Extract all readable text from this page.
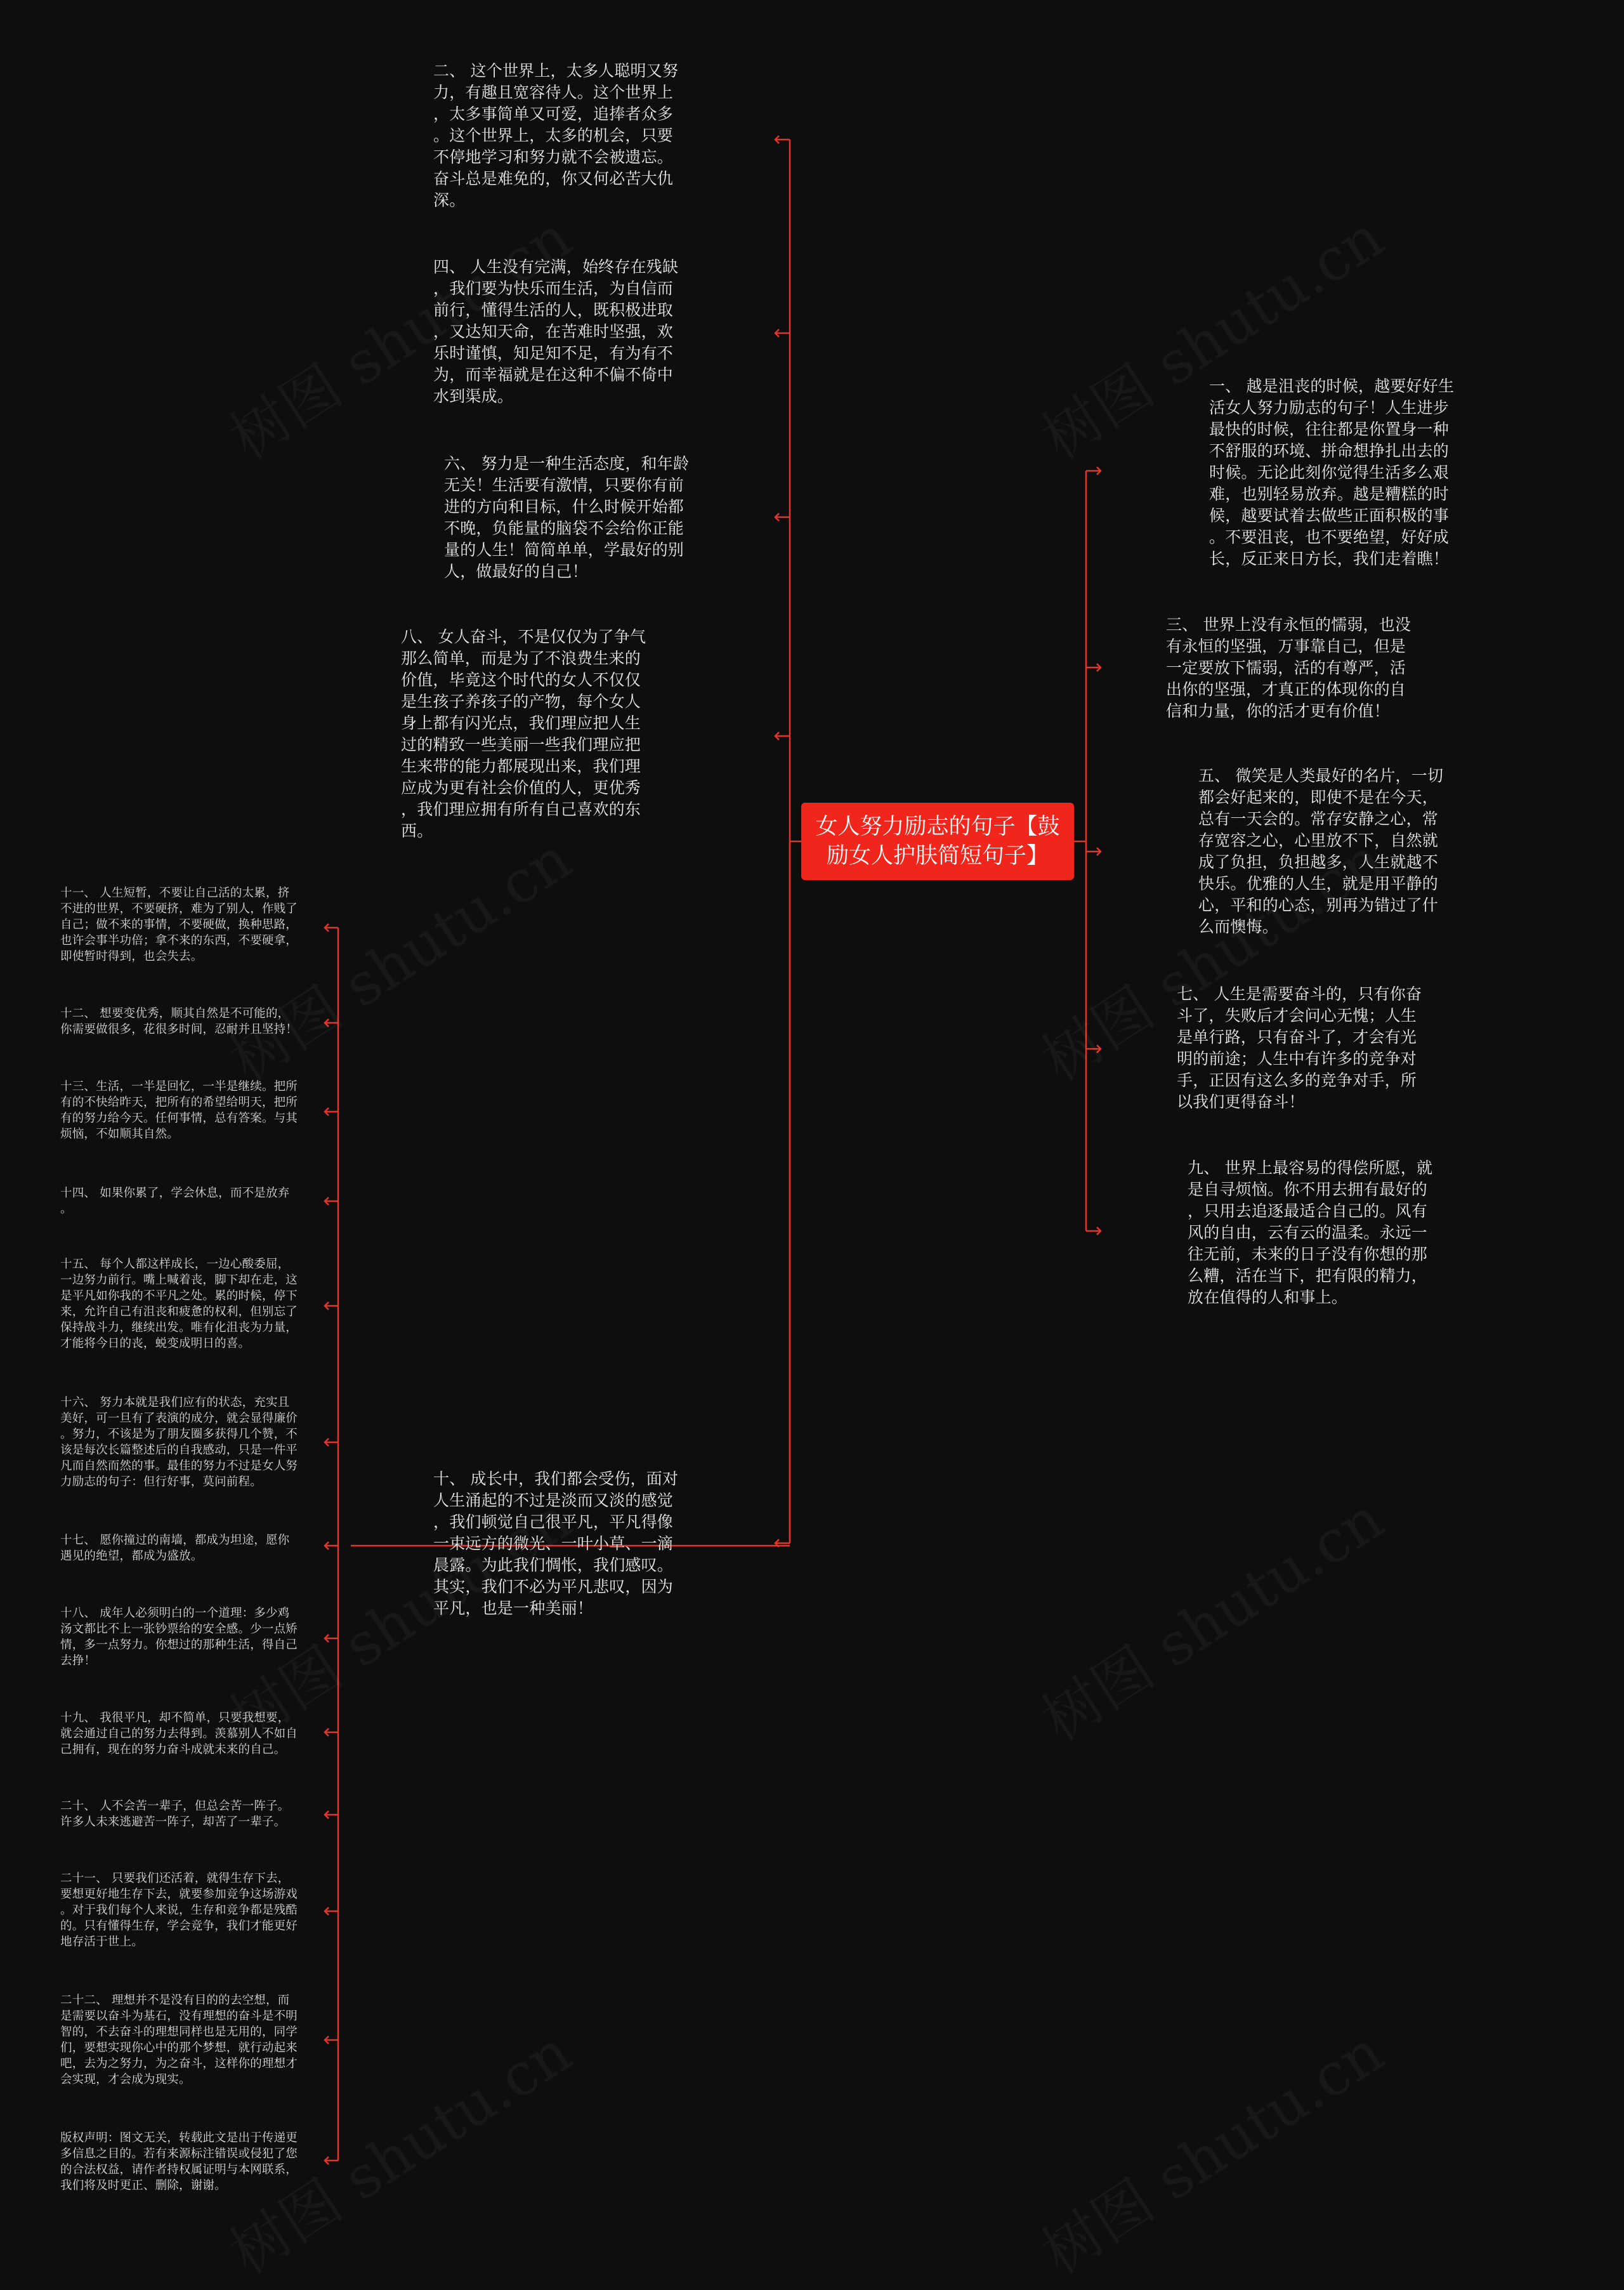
女人努力励志的句子【鼓
励女人护肤简短句子】
二、 这个世界上，太多人聪明又努
力，有趣且宽容待人。这个世界上
，太多事简单又可爱，追捧者众多
。这个世界上，太多的机会，只要
不停地学习和努力就不会被遗忘。
奋斗总是难免的，你又何必苦大仇
深。
四、 人生没有完满，始终存在残缺
，我们要为快乐而生活，为自信而
前行，懂得生活的人，既积极进取
，又达知天命，在苦难时坚强，欢
乐时谨慎，知足知不足，有为有不
为，而幸福就是在这种不偏不倚中
水到渠成。
六、 努力是一种生活态度，和年龄
无关！生活要有激情，只要你有前
进的方向和目标，什么时候开始都
不晚，负能量的脑袋不会给你正能
量的人生！简简单单，学最好的别
人，做最好的自己！
八、 女人奋斗，不是仅仅为了争气
那么简单，而是为了不浪费生来的
价值，毕竟这个时代的女人不仅仅
是生孩子养孩子的产物，每个女人
身上都有闪光点，我们理应把人生
过的精致一些美丽一些我们理应把
生来带的能力都展现出来，我们理
应成为更有社会价值的人，更优秀
，我们理应拥有所有自己喜欢的东
西。
十、 成长中，我们都会受伤，面对
人生涌起的不过是淡而又淡的感觉
，我们顿觉自己很平凡，平凡得像
一束远方的微光、一叶小草、一滴
晨露。为此我们惆怅，我们感叹。
其实，我们不必为平凡悲叹，因为
平凡，也是一种美丽！
一、 越是沮丧的时候，越要好好生
活女人努力励志的句子！人生进步
最快的时候，往往都是你置身一种
不舒服的环境、拼命想挣扎出去的
时候。无论此刻你觉得生活多么艰
难，也别轻易放弃。越是糟糕的时
候，越要试着去做些正面积极的事
。不要沮丧，也不要绝望，好好成
长，反正来日方长，我们走着瞧！
三、 世界上没有永恒的懦弱，也没
有永恒的坚强，万事靠自己，但是
一定要放下懦弱，活的有尊严，活
出你的坚强，才真正的体现你的自
信和力量，你的活才更有价值！
五、 微笑是人类最好的名片，一切
都会好起来的，即使不是在今天，
总有一天会的。常存安静之心，常
存宽容之心，心里放不下，自然就
成了负担，负担越多，人生就越不
快乐。优雅的人生，就是用平静的
心，平和的心态，别再为错过了什
么而懊悔。
七、 人生是需要奋斗的，只有你奋
斗了，失败后才会问心无愧；人生
是单行路，只有奋斗了，才会有光
明的前途；人生中有许多的竞争对
手，正因有这么多的竞争对手，所
以我们更得奋斗！
九、 世界上最容易的得偿所愿，就
是自寻烦恼。你不用去拥有最好的
，只用去追逐最适合自己的。风有
风的自由，云有云的温柔。永远一
往无前，未来的日子没有你想的那
么糟，活在当下，把有限的精力，
放在值得的人和事上。
十一、 人生短暂，不要让自己活的太累，挤
不进的世界，不要硬挤，难为了别人，作贱了
自己；做不来的事情，不要硬做，换种思路，
也许会事半功倍；拿不来的东西，不要硬拿，
即使暂时得到，也会失去。
十二、 想要变优秀，顺其自然是不可能的，
你需要做很多，花很多时间，忍耐并且坚持！
十三、生活，一半是回忆，一半是继续。把所
有的不快给昨天，把所有的希望给明天，把所
有的努力给今天。任何事情，总有答案。与其
烦恼，不如顺其自然。
十四、 如果你累了，学会休息，而不是放弃
。
十五、 每个人都这样成长，一边心酸委屈，
一边努力前行。嘴上喊着丧，脚下却在走，这
是平凡如你我的不平凡之处。累的时候，停下
来，允许自己有沮丧和疲惫的权利，但别忘了
保持战斗力，继续出发。唯有化沮丧为力量，
才能将今日的丧，蜕变成明日的喜。
十六、 努力本就是我们应有的状态，充实且
美好，可一旦有了表演的成分，就会显得廉价
。努力，不该是为了朋友圈多获得几个赞，不
该是每次长篇整述后的自我感动，只是一件平
凡而自然而然的事。最佳的努力不过是女人努
力励志的句子：但行好事，莫问前程。
十七、 愿你撞过的南墙，都成为坦途，愿你
遇见的绝望，都成为盛放。
十八、 成年人必须明白的一个道理：多少鸡
汤文都比不上一张钞票给的安全感。少一点矫
情，多一点努力。你想过的那种生活，得自己
去挣！
十九、 我很平凡，却不简单，只要我想要，
就会通过自己的努力去得到。羡慕别人不如自
己拥有，现在的努力奋斗成就未来的自己。
二十、 人不会苦一辈子，但总会苦一阵子。
许多人未来逃避苦一阵子，却苦了一辈子。
二十一、 只要我们还活着，就得生存下去，
要想更好地生存下去，就要参加竞争这场游戏
。对于我们每个人来说，生存和竞争都是残酷
的。只有懂得生存，学会竞争，我们才能更好
地存活于世上。
二十二、 理想并不是没有目的的去空想，而
是需要以奋斗为基石，没有理想的奋斗是不明
智的，不去奋斗的理想同样也是无用的，同学
们，要想实现你心中的那个梦想，就行动起来
吧，去为之努力，为之奋斗，这样你的理想才
会实现，才会成为现实。
版权声明：图文无关，转载此文是出于传递更
多信息之目的。若有来源标注错误或侵犯了您
的合法权益，请作者持权属证明与本网联系，
我们将及时更正、删除，谢谢。
